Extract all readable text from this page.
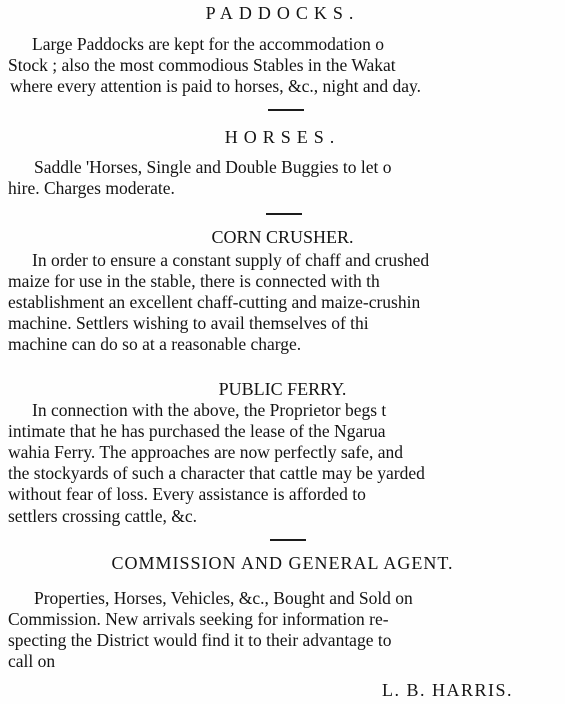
PADDOCKS.
Large Paddocks are kept for the accommodation o
Stock ; also the most commodious Stables in the Wakat
where every attention is paid to horses, &c., night and day.
HORSES.
Saddle 'Horses, Single and Double Buggies to let o
hire. Charges moderate.
CORN CRUSHER.
In order to ensure a constant supply of chaff and crushed
maize for use in the stable, there is connected with th
establishment an excellent chaff-cutting and maize-crushin
machine. Settlers wishing to avail themselves of thi
machine can do so at a reasonable charge.
PUBLIC FERRY.
In connection with the above, the Proprietor begs t
intimate that he has purchased the lease of the Ngarua
wahia Ferry. The approaches are now perfectly safe, and
the stockyards of such a character that cattle may be yarded
without fear of loss. Every assistance is afforded to
settlers crossing cattle, &c.
COMMISSION AND GENERAL AGENT.
Properties, Horses, Vehicles, &c., Bought and Sold on
Commission. New arrivals seeking for information re-
specting the District would find it to their advantage to
call on
L. B. HARRIS.
